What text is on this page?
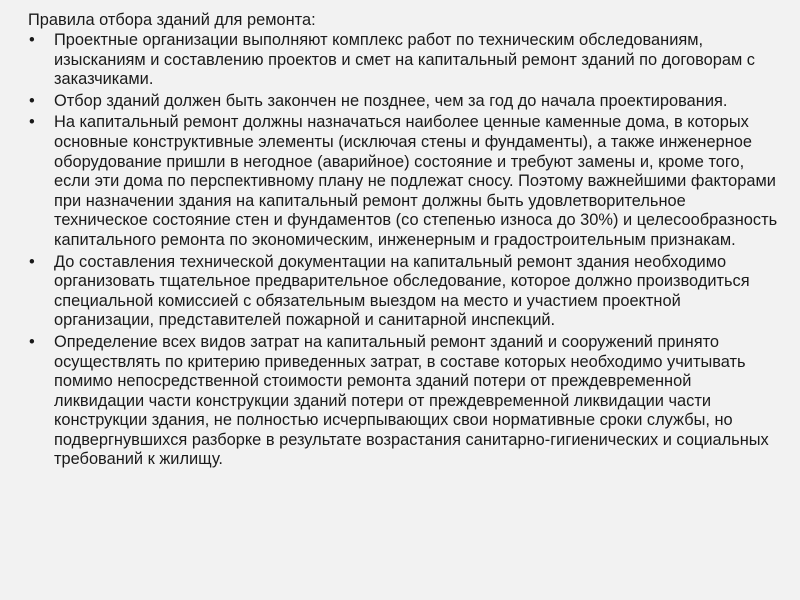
Правила отбора зданий для ремонта:
• Проектные организации выполняют комплекс работ по техническим обследованиям, изысканиям и составлению проектов и смет на капитальный ремонт зданий по договорам с заказчиками.
• Отбор зданий должен быть закончен не позднее, чем за год до начала проектирования.
• На капитальный ремонт должны назначаться наиболее ценные каменные дома, в которых основные конструктивные элементы (исключая стены и фундаменты), а также инженерное оборудование пришли в негодное (аварийное) состояние и требуют замены и, кроме того, если эти дома по перспективному плану не подлежат сносу. Поэтому важнейшими факторами при назначении здания на капитальный ремонт должны быть удовлетворительное техническое состояние стен и фундаментов (со степенью износа до 30%) и целесообразность капитального ремонта по экономическим, инженерным и градостроительным признакам.
• До составления технической документации на капитальный ремонт здания необходимо организовать тщательное предварительное обследование, которое должно производиться специальной комиссией с обязательным выездом на место и участием проектной организации, представителей пожарной и санитарной инспекций.
• Определение всех видов затрат на капитальный ремонт зданий и сооружений принято осуществлять по критерию приведенных затрат, в составе которых необходимо учитывать помимо непосредственной стоимости ремонта зданий потери от преждевременной ликвидации части конструкции зданий потери от преждевременной ликвидации части конструкции здания, не полностью исчерпывающих свои нормативные сроки службы, но подвергнувшихся разборке в результате возрастания санитарно-гигиенических и социальных требований к жилищу.
